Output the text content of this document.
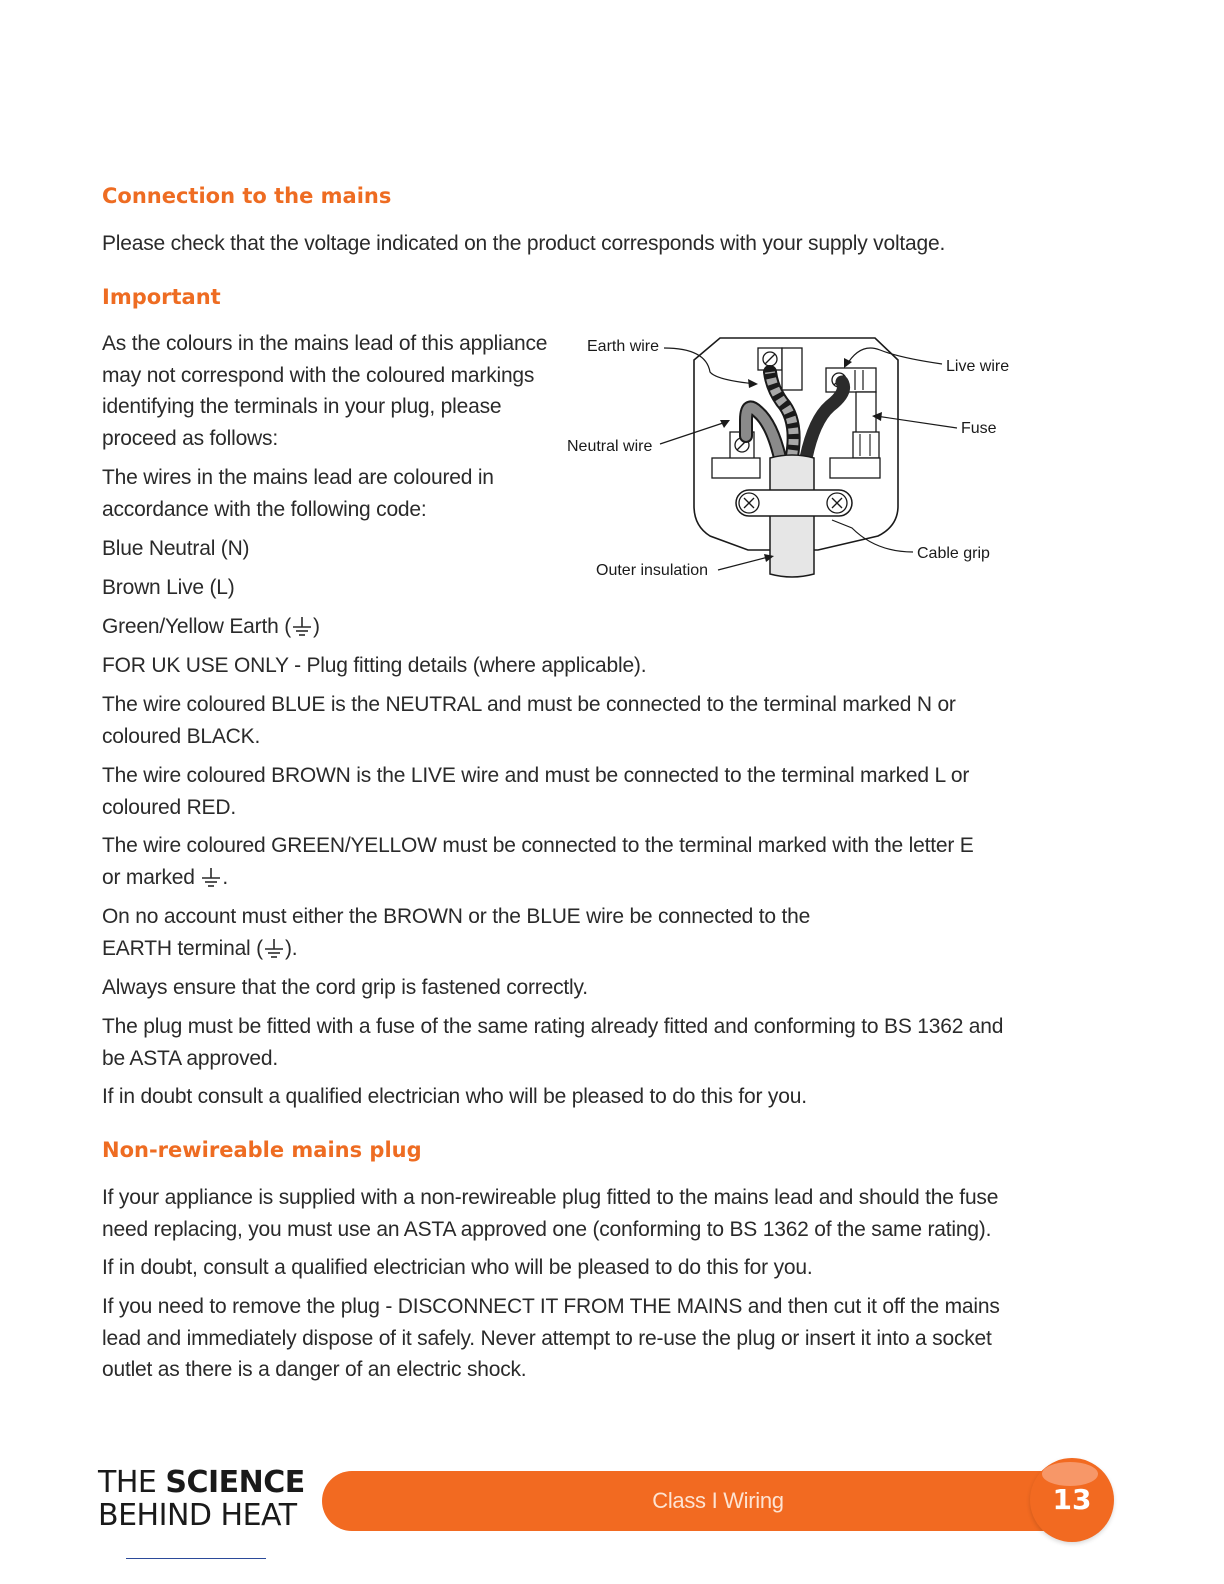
Connection to the mains

Please check that the voltage indicated on the product corresponds with your supply voltage.

Important

As the colours in the mains lead of this appliance may not correspond with the coloured markings identifying the terminals in your plug, please proceed as follows:

The wires in the mains lead are coloured in accordance with the following code:

Blue Neutral (N)

Brown Live (L)

Green/Yellow Earth ( )

FOR UK USE ONLY - Plug fitting details (where applicable).

The wire coloured BLUE is the NEUTRAL and must be connected to the terminal marked N or coloured BLACK.

The wire coloured BROWN is the LIVE wire and must be connected to the terminal marked L or coloured RED.

The wire coloured GREEN/YELLOW must be connected to the terminal marked with the letter E
or marked .

On no account must either the BROWN or the BLUE wire be connected to the
EARTH terminal ( ).

Always ensure that the cord grip is fastened correctly.

The plug must be fitted with a fuse of the same rating already fitted and conforming to BS 1362 and be ASTA approved.

If in doubt consult a qualified electrician who will be pleased to do this for you.

Earth wire
Neutral wire
Outer insulation
Live wire
Fuse
Cable grip
Non-rewireable mains plug

If your appliance is supplied with a non-rewireable plug fitted to the mains lead and should the fuse need replacing, you must use an ASTA approved one (conforming to BS 1362 of the same rating).

If in doubt, consult a qualified electrician who will be pleased to do this for you.

If you need to remove the plug - DISCONNECT IT FROM THE MAINS and then cut it off the mains lead and immediately dispose of it safely. Never attempt to re-use the plug or insert it into a socket outlet as there is a danger of an electric shock.

THE SCIENCE
BEHIND HEAT	Class I Wiring	13
